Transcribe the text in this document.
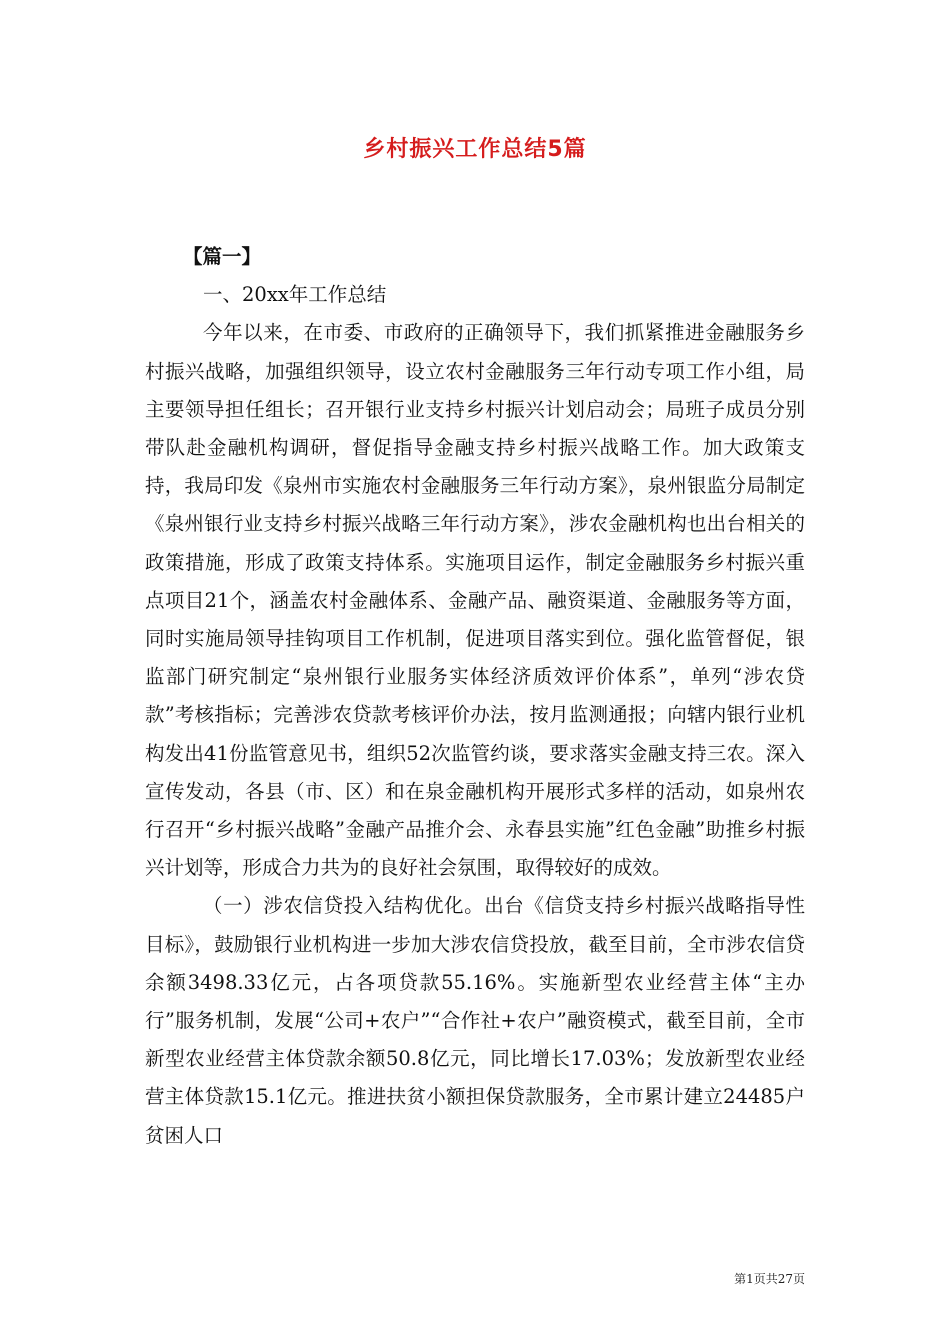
乡村振兴工作总结5篇

【篇一】

一、20xx年工作总结

今年以来，在市委、市政府的正确领导下，我们抓紧推进金融服务乡村振兴战略，加强组织领导，设立农村金融服务三年行动专项工作小组，局主要领导担任组长；召开银行业支持乡村振兴计划启动会；局班子成员分别带队赴金融机构调研，督促指导金融支持乡村振兴战略工作。加大政策支持，我局印发《泉州市实施农村金融服务三年行动方案》，泉州银监分局制定《泉州银行业支持乡村振兴战略三年行动方案》，涉农金融机构也出台相关的政策措施，形成了政策支持体系。实施项目运作，制定金融服务乡村振兴重点项目21个，涵盖农村金融体系、金融产品、融资渠道、金融服务等方面，同时实施局领导挂钩项目工作机制，促进项目落实到位。强化监管督促，银监部门研究制定“泉州银行业服务实体经济质效评价体系”，单列“涉农贷款”考核指标；完善涉农贷款考核评价办法，按月监测通报；向辖内银行业机构发出41份监管意见书，组织52次监管约谈，要求落实金融支持三农。深入宣传发动，各县（市、区）和在泉金融机构开展形式多样的活动，如泉州农行召开“乡村振兴战略”金融产品推介会、永春县实施”红色金融”助推乡村振兴计划等，形成合力共为的良好社会氛围，取得较好的成效。

（一）涉农信贷投入结构优化。出台《信贷支持乡村振兴战略指导性目标》，鼓励银行业机构进一步加大涉农信贷投放，截至目前，全市涉农信贷余额3498.33亿元，占各项贷款55.16%。实施新型农业经营主体“主办行”服务机制，发展“公司+农户”“合作社+农户”融资模式，截至目前，全市新型农业经营主体贷款余额50.8亿元，同比增长17.03%；发放新型农业经营主体贷款15.1亿元。推进扶贫小额担保贷款服务，全市累计建立24485户贫困人口

第1页共27页
